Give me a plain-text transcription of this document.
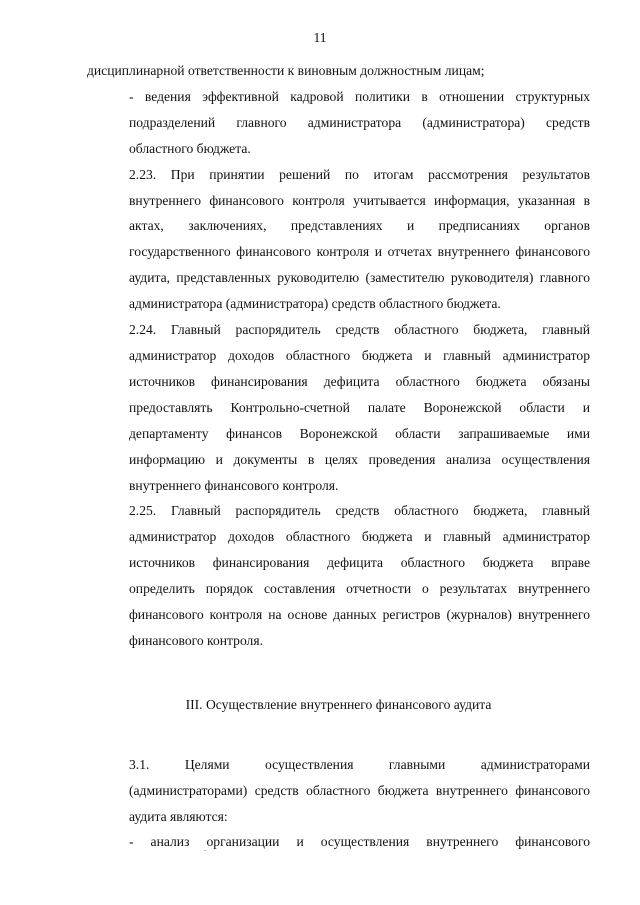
11

дисциплинарной ответственности к виновным должностным лицам;

- ведения эффективной кадровой политики в отношении структурных
подразделений главного администратора (администратора) средств
областного бюджета.

2.23. При принятии решений по итогам рассмотрения результатов
внутреннего финансового контроля учитывается информация, указанная в
актах, заключениях, представлениях и предписаниях органов
государственного финансового контроля и отчетах внутреннего финансового
аудита, представленных руководителю (заместителю руководителя) главного
администратора (администратора) средств областного бюджета.

2.24. Главный распорядитель средств областного бюджета, главный
администратор доходов областного бюджета и главный администратор
источников финансирования дефицита областного бюджета обязаны
предоставлять Контрольно-счетной палате Воронежской области и
департаменту финансов Воронежской области запрашиваемые ими
информацию и документы в целях проведения анализа осуществления
внутреннего финансового контроля.

2.25. Главный распорядитель средств областного бюджета, главный
администратор доходов областного бюджета и главный администратор
источников финансирования дефицита областного бюджета вправе
определить порядок составления отчетности о результатах внутреннего
финансового контроля на основе данных регистров (журналов) внутреннего
финансового контроля.

III. Осуществление внутреннего финансового аудита

3.1. Целями осуществления главными администраторами
(администраторами) средств областного бюджета внутреннего финансового
аудита являются:

- анализ организации и осуществления внутреннего финансового
